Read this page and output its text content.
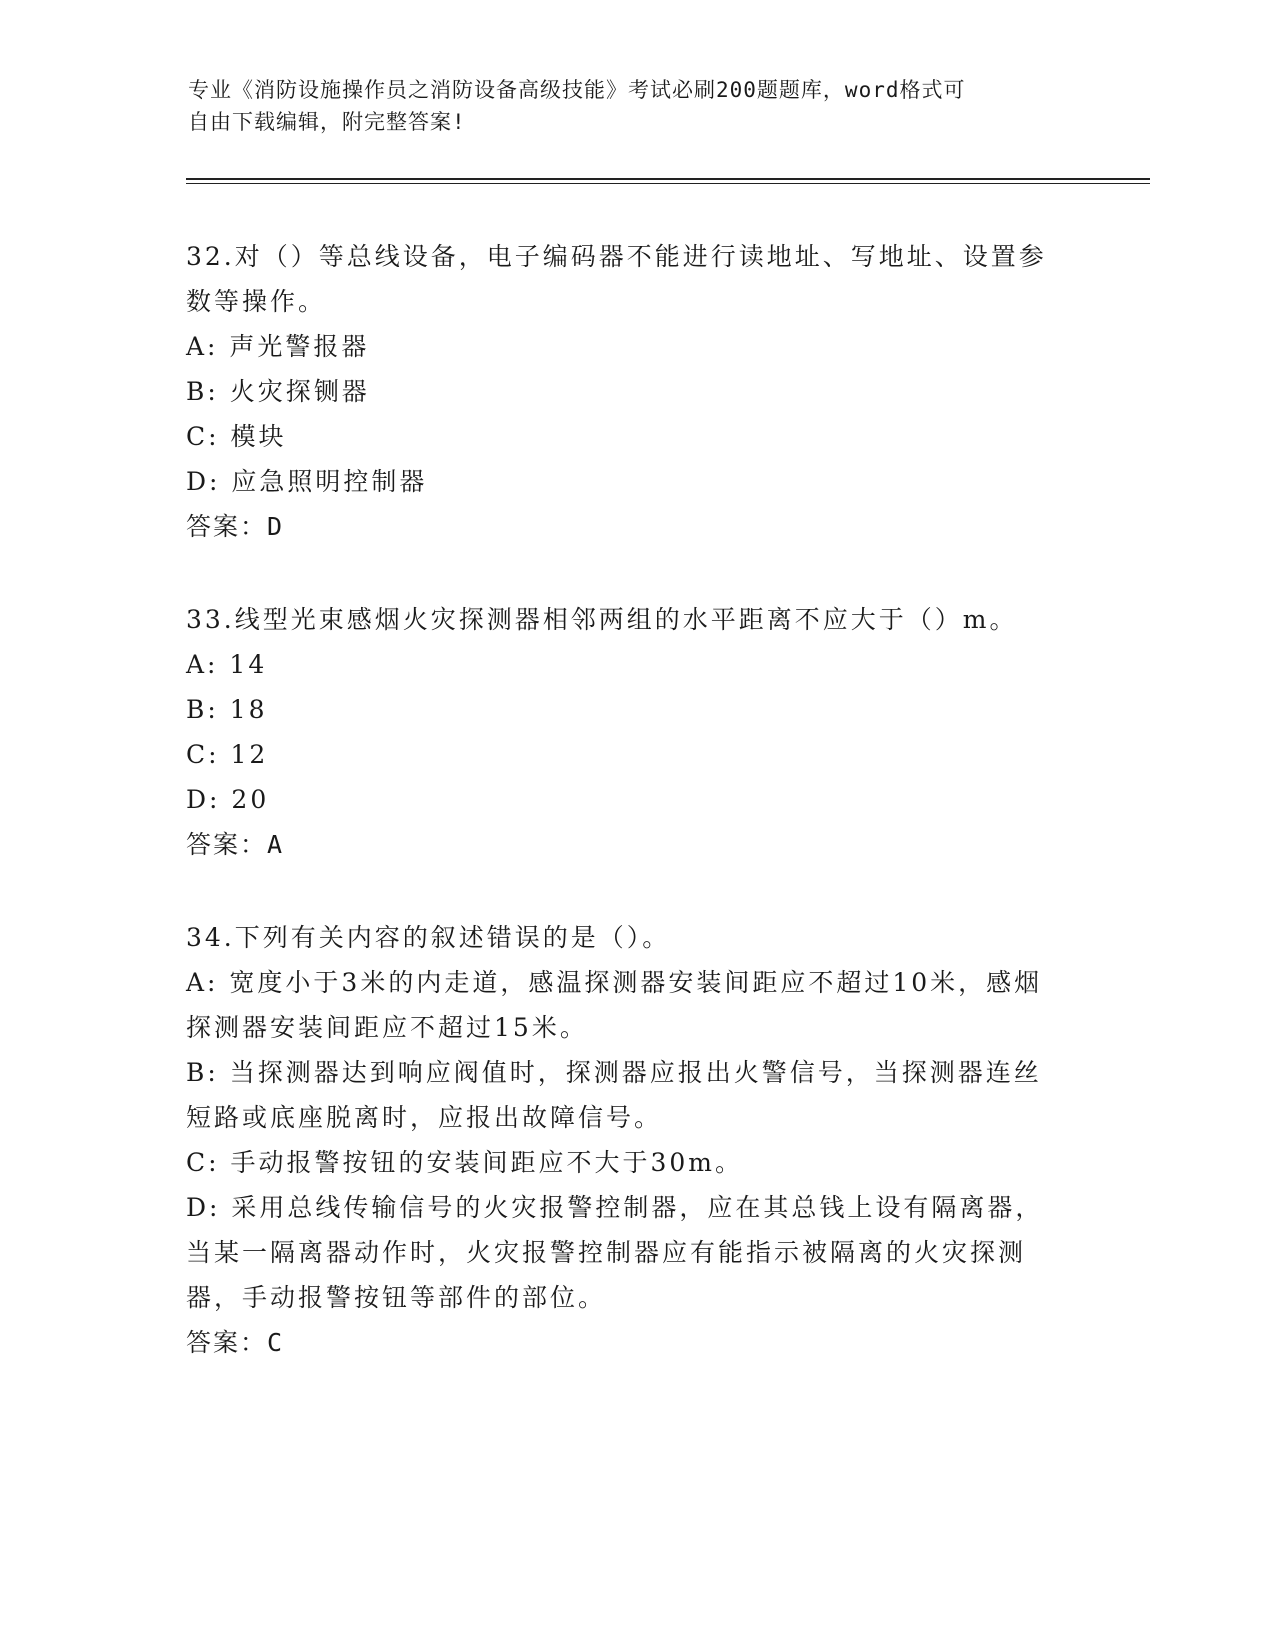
专业《消防设施操作员之消防设备高级技能》考试必刷200题题库，word格式可
自由下载编辑，附完整答案!

32.对（）等总线设备，电子编码器不能进行读地址、写地址、设置参数等操作。

A: 声光警报器

B: 火灾探铡器

C: 模块

D: 应急照明控制器

答案：D

33.线型光束感烟火灾探测器相邻两组的水平距离不应大于（）m。

A: 14

B: 18

C: 12

D: 20

答案：A

34.下列有关内容的叙述错误的是（）。

A: 宽度小于3米的内走道，感温探测器安装间距应不超过10米，感烟探测器安装间距应不超过15米。

B: 当探测器达到响应阀值时，探测器应报出火警信号，当探测器连丝短路或底座脱离时，应报出故障信号。

C: 手动报警按钮的安装间距应不大于30m。

D: 采用总线传输信号的火灾报警控制器，应在其总钱上设有隔离器，当某一隔离器动作时，火灾报警控制器应有能指示被隔离的火灾探测器，手动报警按钮等部件的部位。

答案：C
